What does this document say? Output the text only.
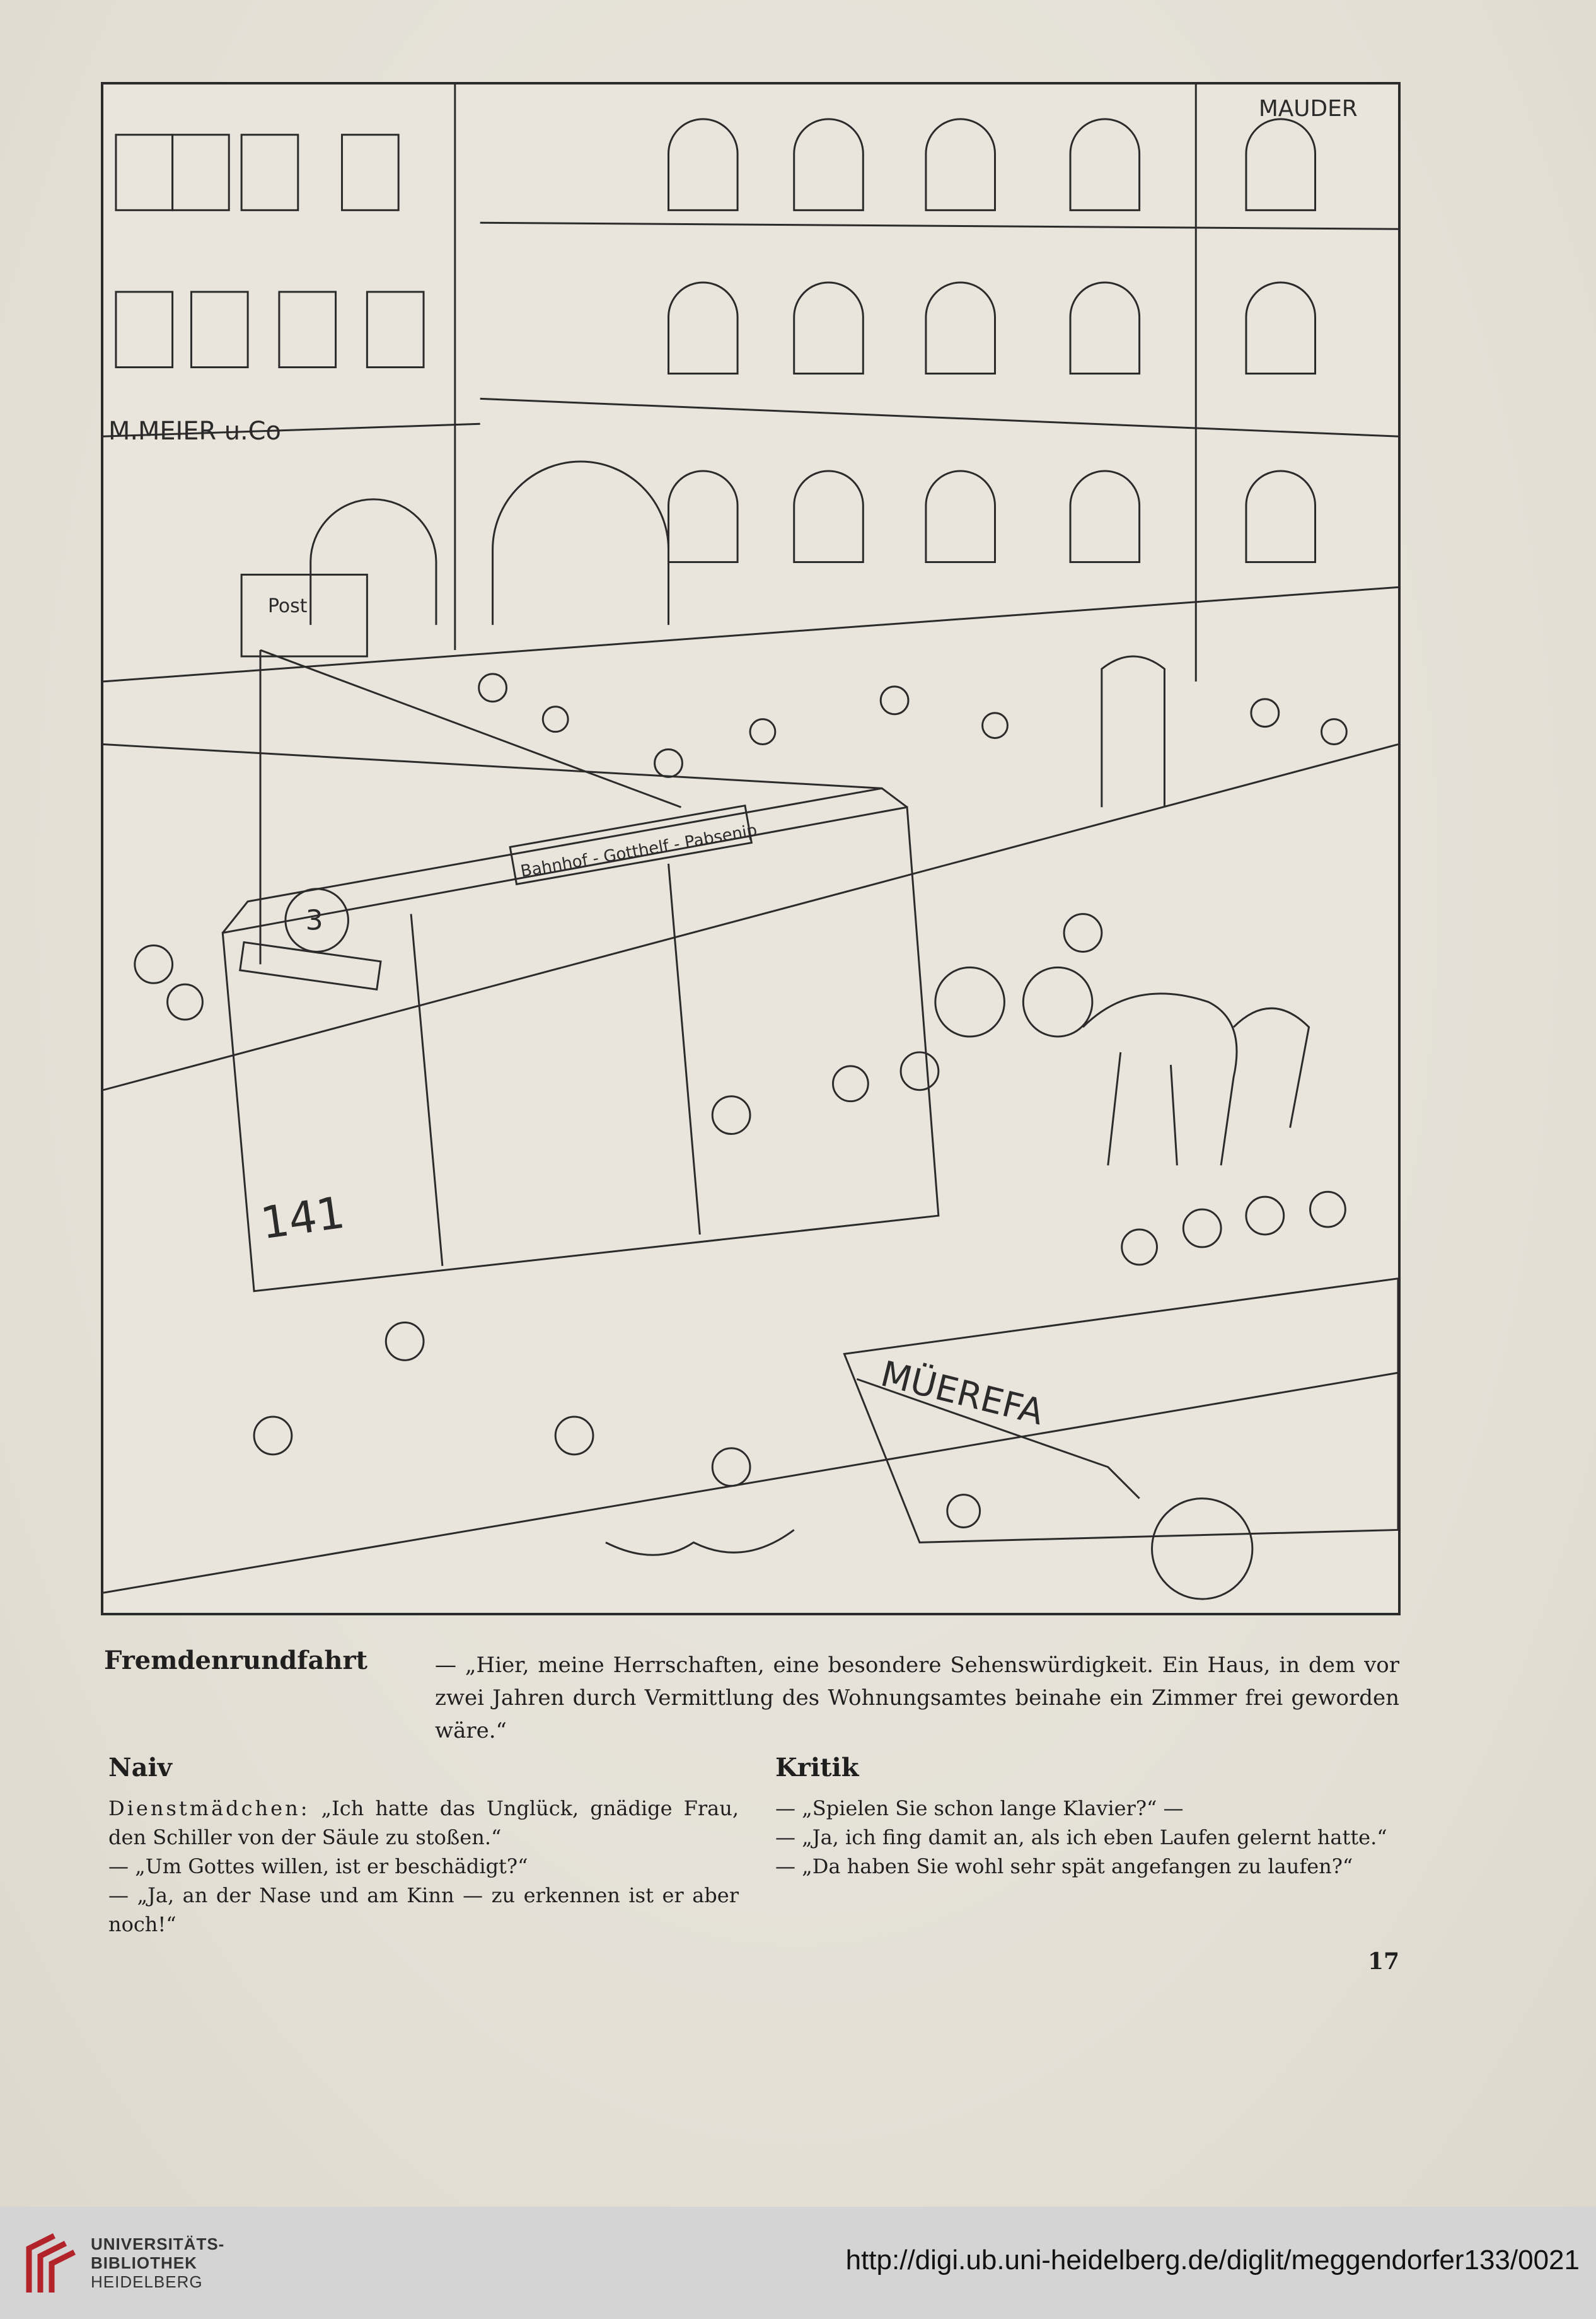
MAUDER
M.MEIER u.Co
Post
3
141
Bahnhof - Gotthelf - Pabsenip
MÜEREFA
Fremdenrundfahrt	— „Hier, meine Herrschaften, eine besondere Sehenswürdigkeit. Ein Haus, in dem vor zwei Jahren durch Vermittlung des Wohnungsamtes beinahe ein Zimmer frei geworden wäre.“
Naiv

Dienstmädchen: „Ich hatte das Unglück, gnädige Frau, den Schiller von der Säule zu stoßen.“

— „Um Gottes willen, ist er beschädigt?“

— „Ja, an der Nase und am Kinn — zu erkennen ist er aber noch!“

Kritik

— „Spielen Sie schon lange Klavier?“ —

— „Ja, ich fing damit an, als ich eben Laufen gelernt hatte.“

— „Da haben Sie wohl sehr spät angefangen zu laufen?“

17
UNIVERSITÄTS-
BIBLIOTHEK
HEIDELBERG
http://digi.ub.uni-heidelberg.de/diglit/meggendorfer133/0021
